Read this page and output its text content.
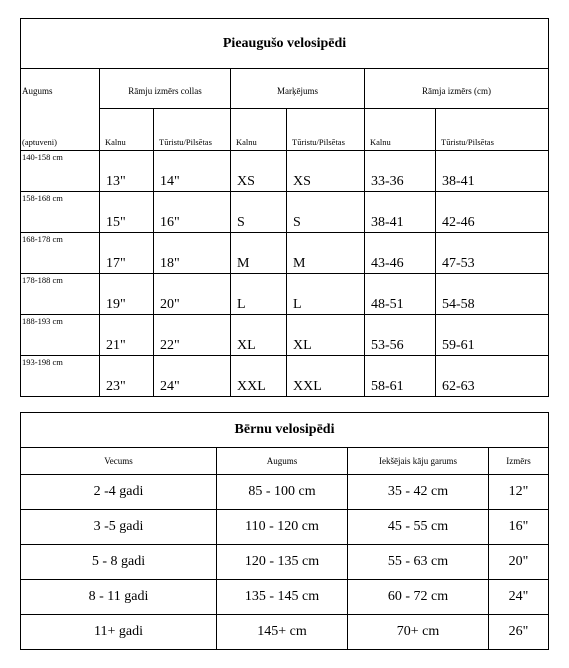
Pieaugušo velosipēdi						
Augums	Rāmju izmērs collas		Marķējums		Rāmja izmērs (cm)	
(aptuveni)	Kalnu	Tūristu/Pilsētas	Kalnu	Tūristu/Pilsētas	Kalnu	Tūristu/Pilsētas
140-158 cm	13"	14"	XS	XS	33-36	38-41
158-168 cm	15"	16"	S	S	38-41	42-46
168-178 cm	17"	18"	M	M	43-46	47-53
178-188 cm	19"	20"	L	L	48-51	54-58
188-193 cm	21"	22"	XL	XL	53-56	59-61
193-198 cm	23"	24"	XXL	XXL	58-61	62-63
Bērnu velosipēdi			
Vecums	Augums	Iekšējais kāju garums	Izmērs
2 -4 gadi	85 - 100 cm	35 - 42 cm	12"
3 -5 gadi	110 - 120 cm	45 - 55 cm	16"
5 - 8 gadi	120 - 135 cm	55 - 63 cm	20"
8 - 11 gadi	135 - 145 cm	60 - 72 cm	24"
11+ gadi	145+ cm	70+ cm	26"
